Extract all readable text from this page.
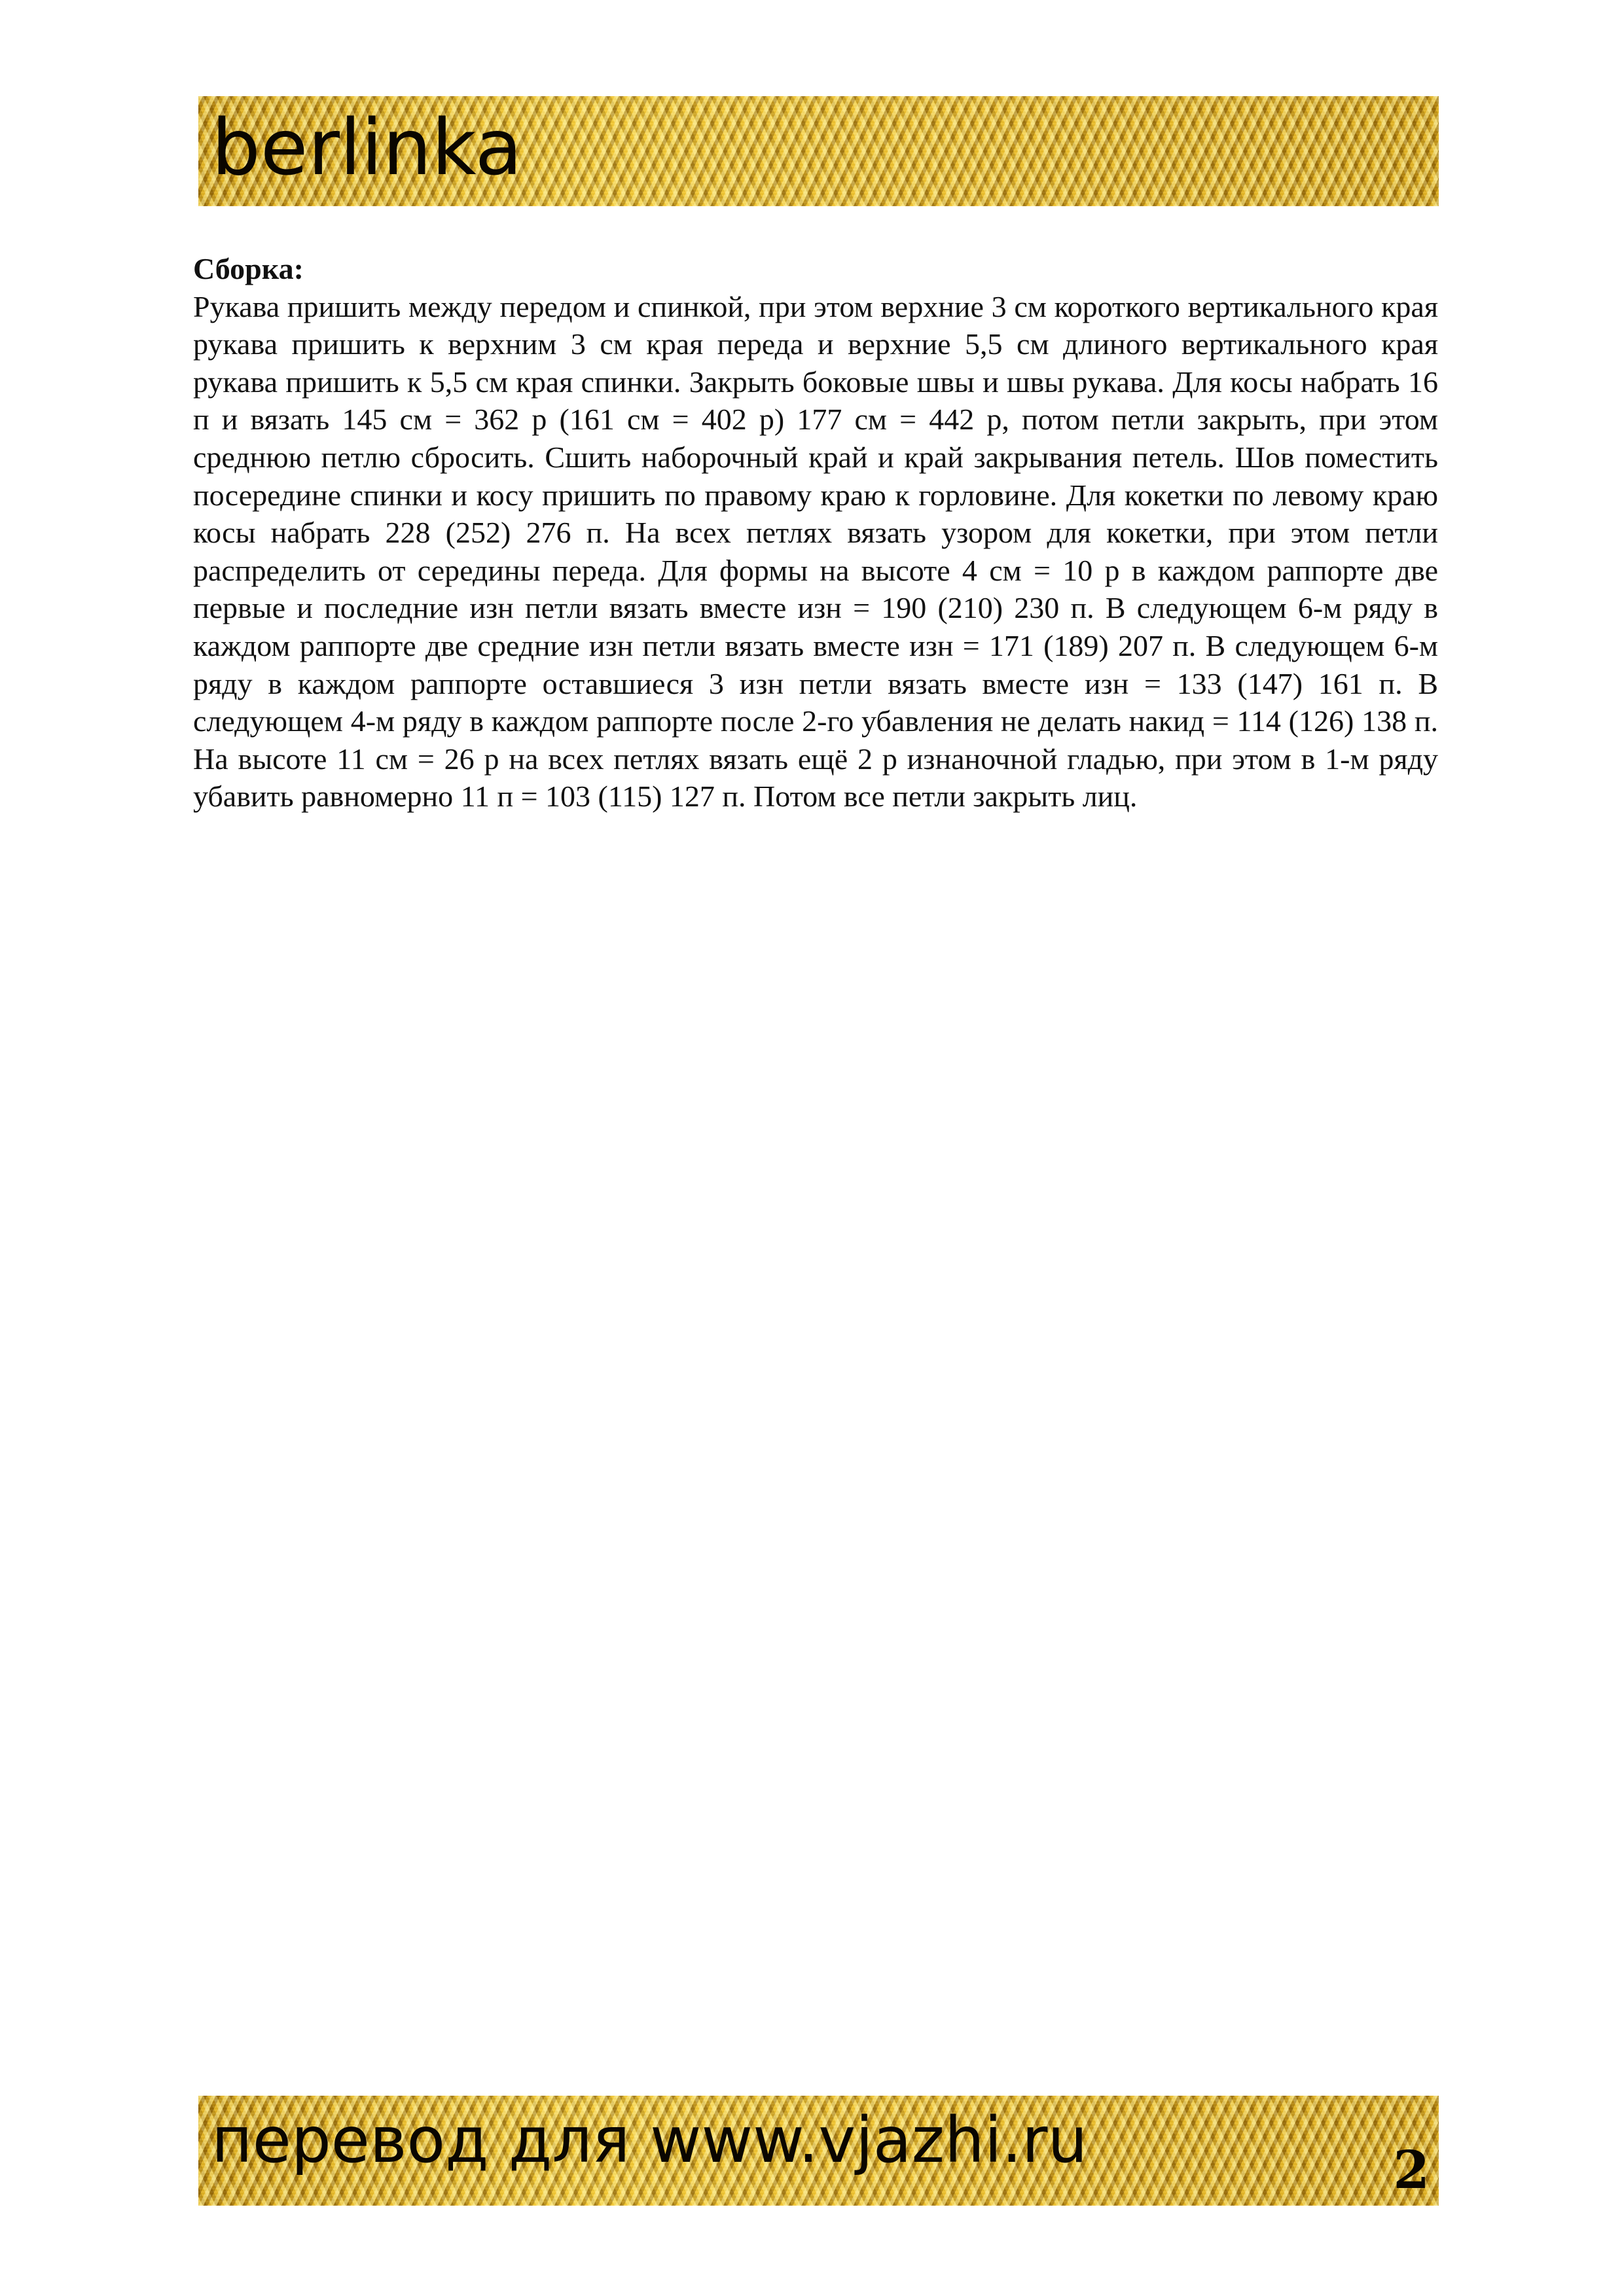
berlinka

Сборка:

Рукава пришить между передом и спинкой, при этом верхние 3 см короткого вертикального края рукава пришить к верхним 3 см края переда и верхние 5,5 см длиного вертикального края рукава пришить к 5,5 см края спинки. Закрыть боковые швы и швы рукава. Для косы набрать 16 п и вязать 145 см = 362 р (161 см = 402 р) 177 см = 442 р, потом петли закрыть, при этом среднюю петлю сбросить. Сшить наборочный край и край закрывания петель. Шов поместить посередине спинки и косу пришить по правому краю к горловине. Для кокетки по левому краю косы набрать 228 (252) 276 п. На всех петлях вязать узором для кокетки, при этом петли распределить от середины переда. Для формы на высоте 4 см = 10 р в каждом раппорте две первые и последние изн петли вязать вместе изн = 190 (210) 230 п. В следующем 6-м ряду в каждом раппорте две средние изн петли вязать вместе изн = 171 (189) 207 п. В следующем 6-м ряду в каждом раппорте оставшиеся 3 изн петли вязать вместе изн = 133 (147) 161 п. В следующем 4-м ряду в каждом раппорте после 2-го убавления не делать накид = 114 (126) 138 п. На высоте 11 см = 26 р на всех петлях вязать ещё 2 р изнаночной гладью, при этом в 1-м ряду убавить равномерно 11 п = 103 (115) 127 п. Потом все петли закрыть лиц.

перевод для www.vjazhi.ru	2
